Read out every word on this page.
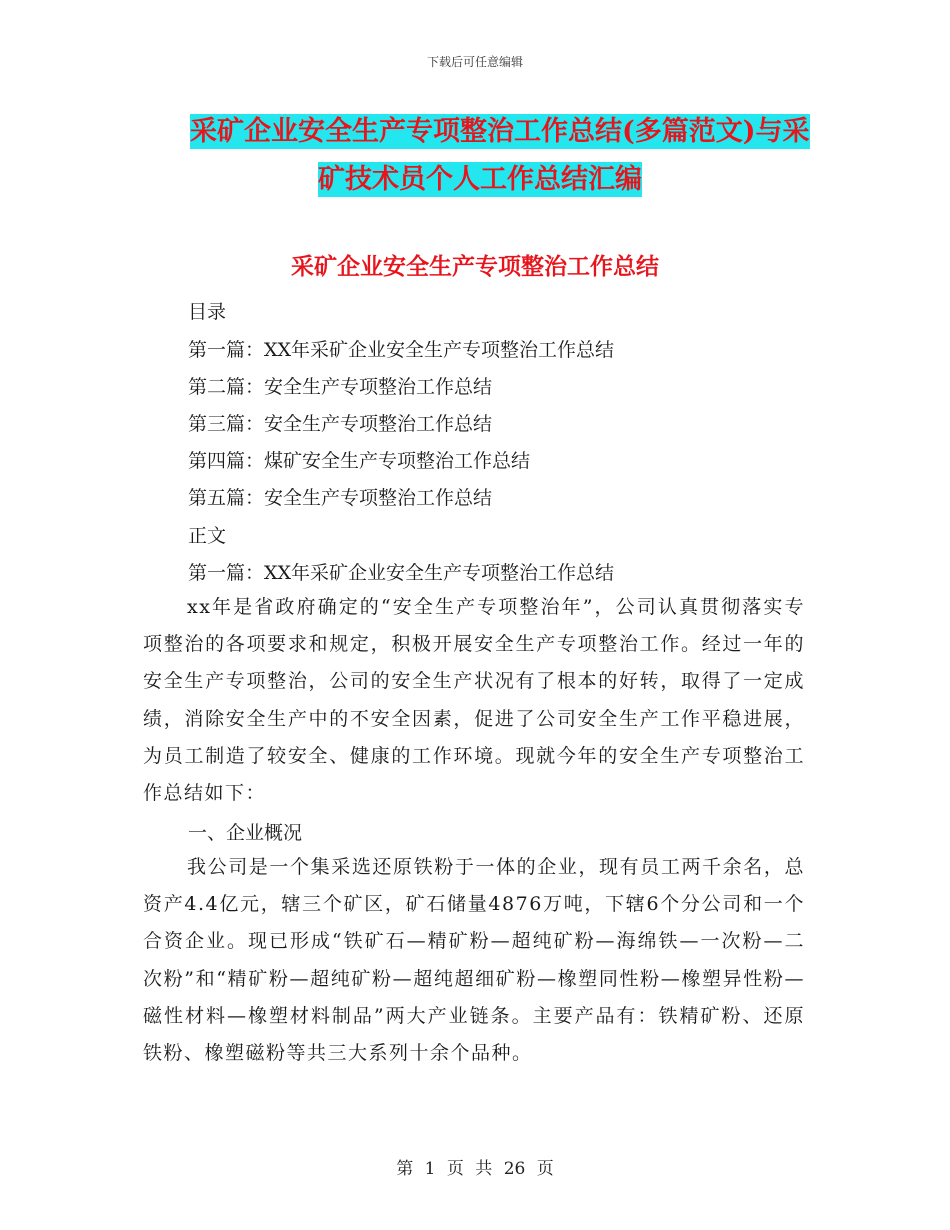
下载后可任意编辑
采矿企业安全生产专项整治工作总结(多篇范文)与采
矿技术员个人工作总结汇编
采矿企业安全生产专项整治工作总结
目录
第一篇：XX年采矿企业安全生产专项整治工作总结
第二篇：安全生产专项整治工作总结
第三篇：安全生产专项整治工作总结
第四篇：煤矿安全生产专项整治工作总结
第五篇：安全生产专项整治工作总结
正文
第一篇：XX年采矿企业安全生产专项整治工作总结
xx年是省政府确定的“安全生产专项整治年”，公司认真贯彻落实专项整治的各项要求和规定，积极开展安全生产专项整治工作。经过一年的安全生产专项整治，公司的安全生产状况有了根本的好转，取得了一定成绩，消除安全生产中的不安全因素，促进了公司安全生产工作平稳进展，为员工制造了较安全、健康的工作环境。现就今年的安全生产专项整治工作总结如下：
一、企业概况
我公司是一个集采选还原铁粉于一体的企业，现有员工两千余名，总资产4.4亿元，辖三个矿区，矿石储量4876万吨，下辖6个分公司和一个合资企业。现已形成“铁矿石—精矿粉—超纯矿粉—海绵铁—一次粉—二次粉”和“精矿粉—超纯矿粉—超纯超细矿粉—橡塑同性粉—橡塑异性粉—磁性材料—橡塑材料制品”两大产业链条。主要产品有：铁精矿粉、还原铁粉、橡塑磁粉等共三大系列十余个品种。
第 1 页 共 26 页
